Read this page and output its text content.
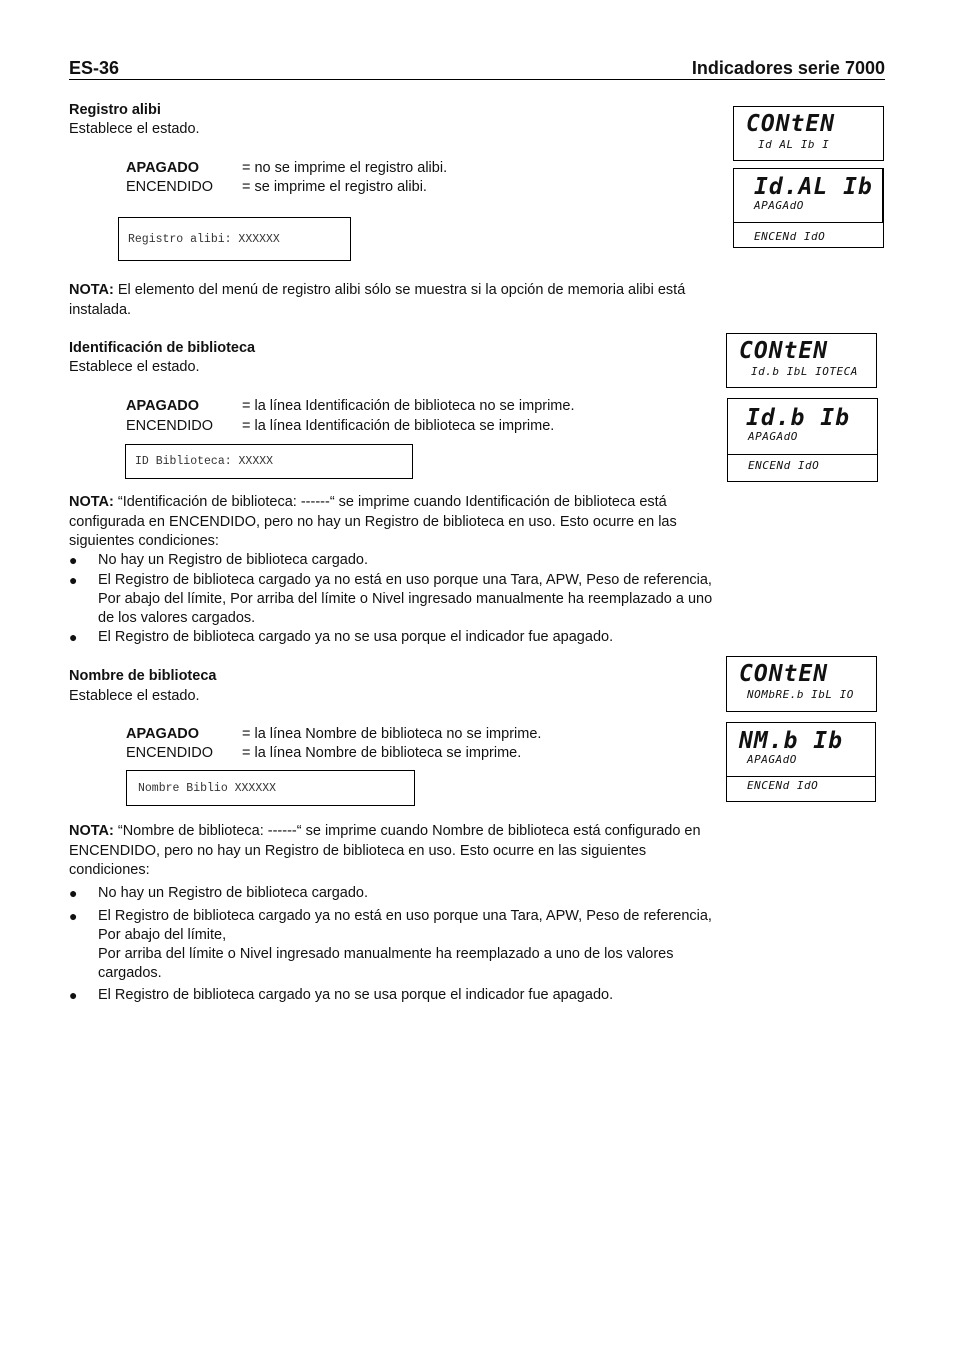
ES-36	Indicadores serie 7000
Registro alibi
Establece el estado.
APAGADO	= no se imprime el registro alibi.
ENCENDIDO = se imprime el registro alibi.
Registro alibi: XXXXXX
NOTA: El elemento del menú de registro alibi sólo se muestra si la opción de memoria alibi está
instalada.
CONtEN
Id AL Ib I
Id.AL Ib
APAGAdO
ENCENd IdO
Identificación de biblioteca
Establece el estado.
APAGADO	= la línea Identificación de biblioteca no se imprime.
ENCENDIDO = la línea Identificación de biblioteca se imprime.
ID Biblioteca: XXXXX
NOTA: “Identificación de biblioteca: ------“ se imprime cuando Identificación de biblioteca está
configurada en ENCENDIDO, pero no hay un Registro de biblioteca en uso. Esto ocurre en las
siguientes condiciones:
● No hay un Registro de biblioteca cargado.
● El Registro de biblioteca cargado ya no está en uso porque una Tara, APW, Peso de referencia,
Por abajo del límite, Por arriba del límite o Nivel ingresado manualmente ha reemplazado a uno
de los valores cargados.
● El Registro de biblioteca cargado ya no se usa porque el indicador fue apagado.
CONtEN
Id.b IbL IOTECA
Id.b Ib
APAGAdO
ENCENd IdO
Nombre de biblioteca
Establece el estado.
APAGADO	= la línea Nombre de biblioteca no se imprime.
ENCENDIDO = la línea Nombre de biblioteca se imprime.
Nombre Biblio XXXXXX
NOTA: “Nombre de biblioteca: ------“ se imprime cuando Nombre de biblioteca está configurado en
ENCENDIDO, pero no hay un Registro de biblioteca en uso. Esto ocurre en las siguientes
condiciones:
● No hay un Registro de biblioteca cargado.
● El Registro de biblioteca cargado ya no está en uso porque una Tara, APW, Peso de referencia,
Por abajo del límite,
Por arriba del límite o Nivel ingresado manualmente ha reemplazado a uno de los valores
cargados.
● El Registro de biblioteca cargado ya no se usa porque el indicador fue apagado.
CONtEN
NOMbRE.b IbL IO
NM.b Ib
APAGAdO
ENCENd IdO
